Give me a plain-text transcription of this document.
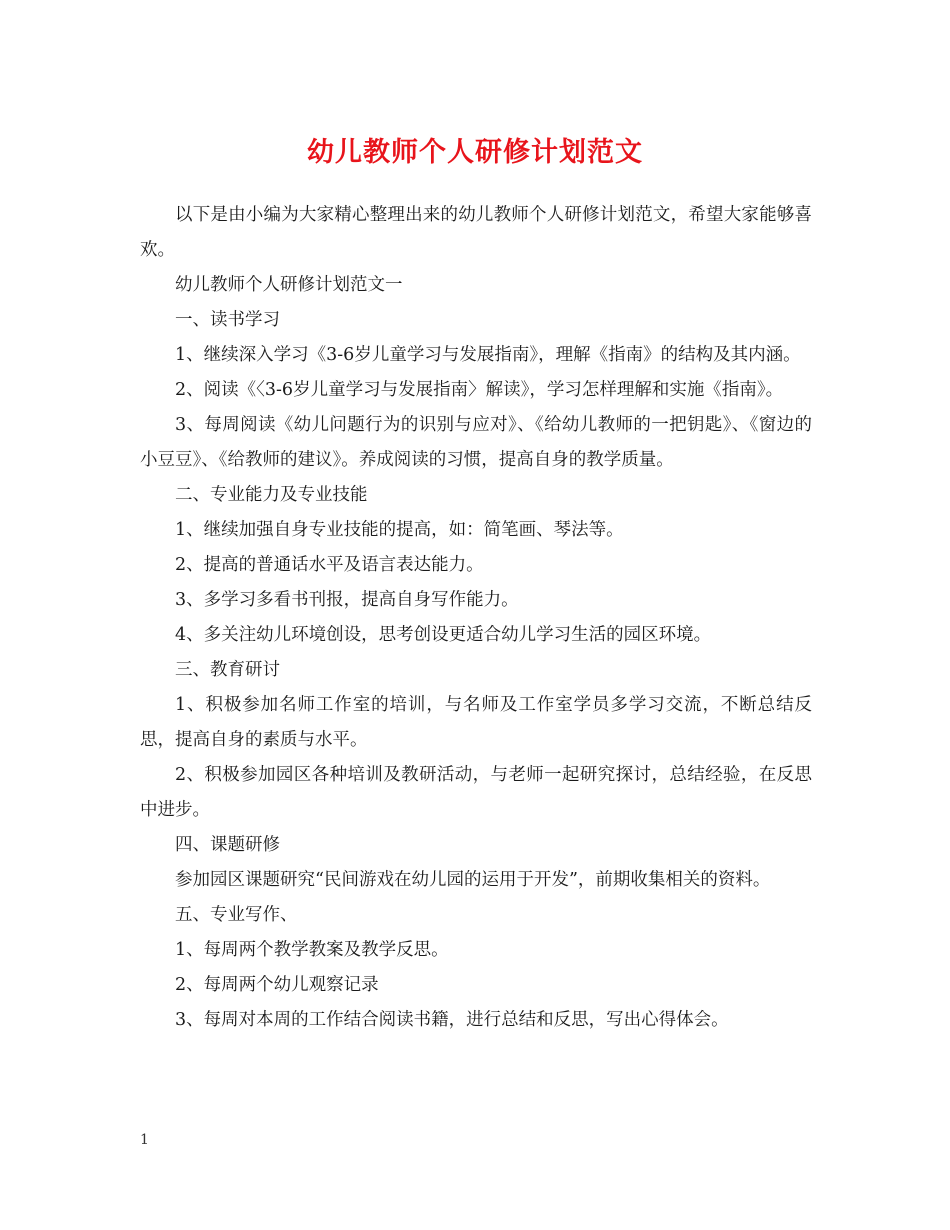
幼儿教师个人研修计划范文

以下是由小编为大家精心整理出来的幼儿教师个人研修计划范文，希望大家能够喜欢。

幼儿教师个人研修计划范文一

一、读书学习

1、继续深入学习《3-6岁儿童学习与发展指南》，理解《指南》的结构及其内涵。

2、阅读《〈3-6岁儿童学习与发展指南〉解读》，学习怎样理解和实施《指南》。

3、每周阅读《幼儿问题行为的识别与应对》、《给幼儿教师的一把钥匙》、《窗边的小豆豆》、《给教师的建议》。养成阅读的习惯，提高自身的教学质量。

二、专业能力及专业技能

1、继续加强自身专业技能的提高，如：简笔画、琴法等。

2、提高的普通话水平及语言表达能力。

3、多学习多看书刊报，提高自身写作能力。

4、多关注幼儿环境创设，思考创设更适合幼儿学习生活的园区环境。

三、教育研讨

1、积极参加名师工作室的培训，与名师及工作室学员多学习交流，不断总结反思，提高自身的素质与水平。

2、积极参加园区各种培训及教研活动，与老师一起研究探讨，总结经验，在反思中进步。

四、课题研修

参加园区课题研究“民间游戏在幼儿园的运用于开发”，前期收集相关的资料。

五、专业写作、

1、每周两个教学教案及教学反思。

2、每周两个幼儿观察记录

3、每周对本周的工作结合阅读书籍，进行总结和反思，写出心得体会。

1
